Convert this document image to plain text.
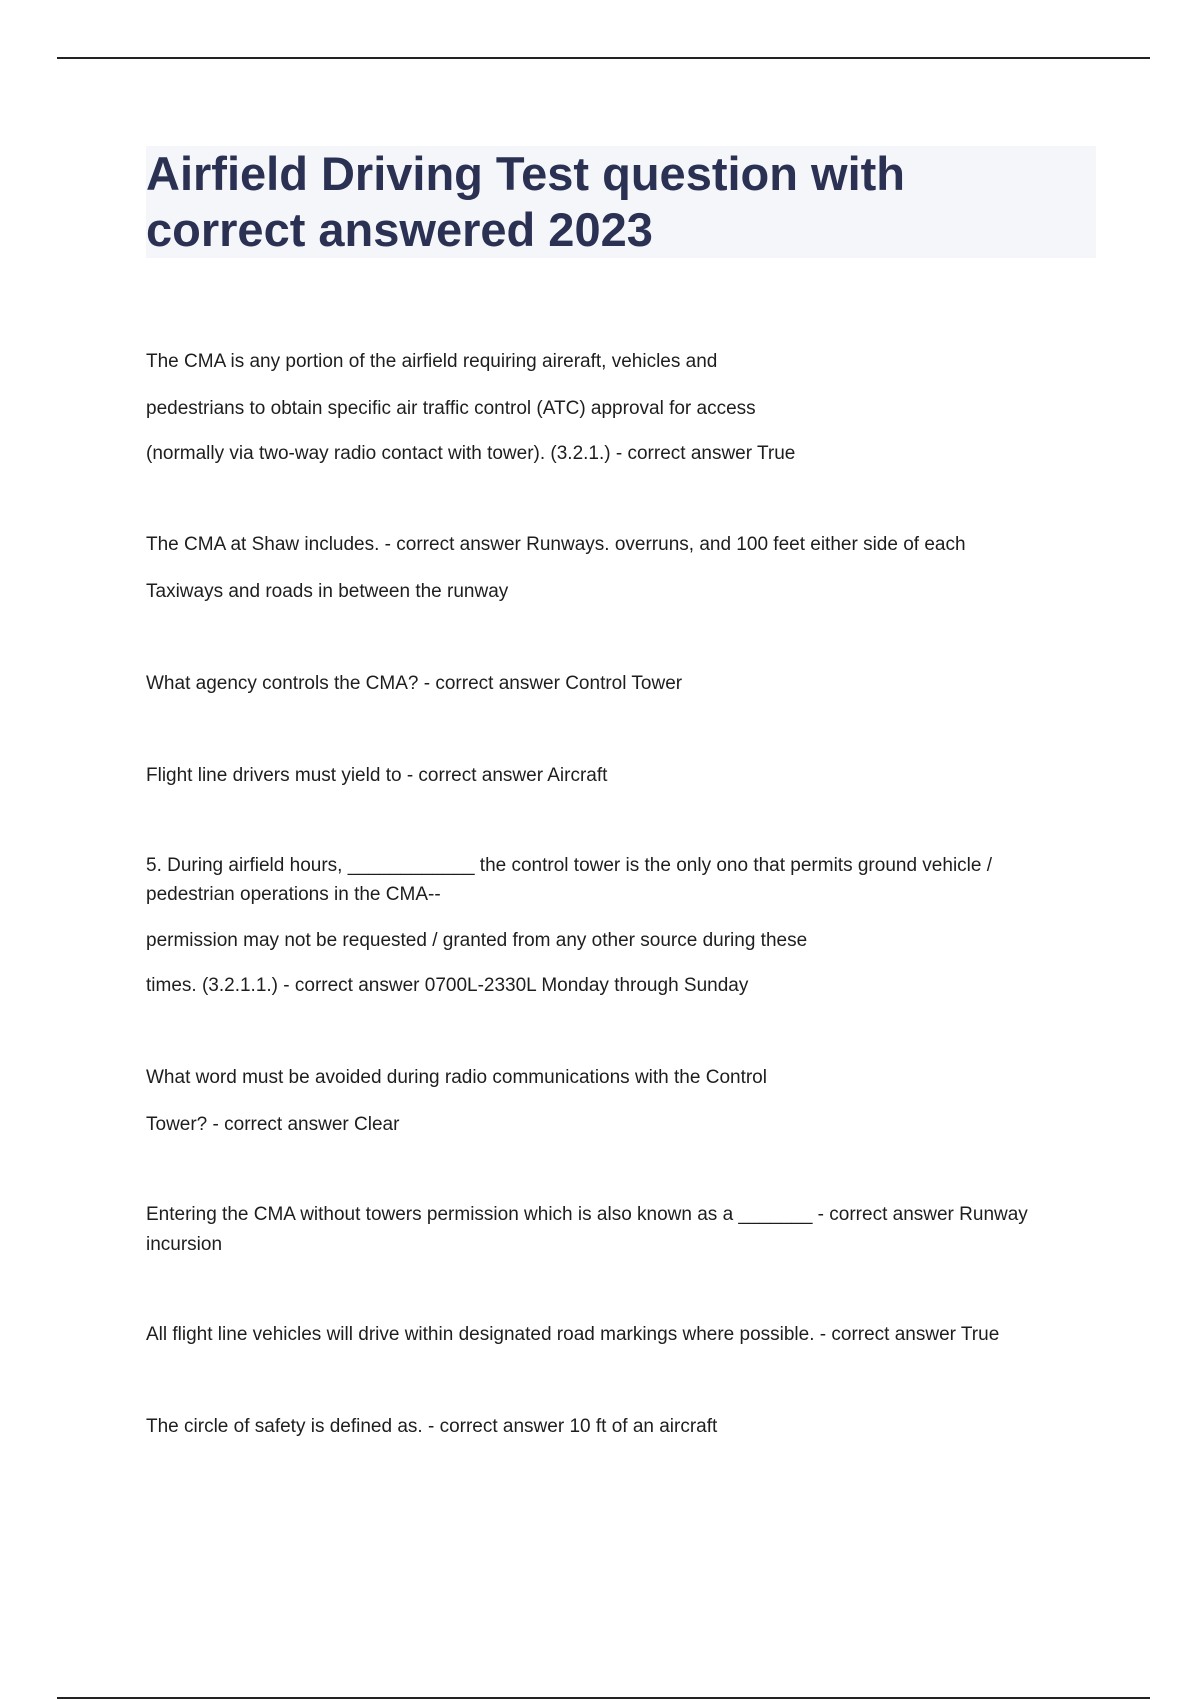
Airfield Driving Test question with
correct answered 2023
The CMA is any portion of the airfield requiring aireraft, vehicles and
pedestrians to obtain specific air traffic control (ATC) approval for access
(normally via two-way radio contact with tower). (3.2.1.) - correct answer True
The CMA at Shaw includes. - correct answer Runways. overruns, and 100 feet either side of each
Taxiways and roads in between the runway
What agency controls the CMA? - correct answer Control Tower
Flight line drivers must yield to - correct answer Aircraft
5. During airfield hours, ____________ the control tower is the only ono that permits ground vehicle /
pedestrian operations in the CMA--
permission may not be requested / granted from any other source during these
times. (3.2.1.1.) - correct answer 0700L-2330L Monday through Sunday
What word must be avoided during radio communications with the Control
Tower? - correct answer Clear
Entering the CMA without towers permission which is also known as a _______ - correct answer Runway
incursion
All flight line vehicles will drive within designated road markings where possible. - correct answer True
The circle of safety is defined as. - correct answer 10 ft of an aircraft
